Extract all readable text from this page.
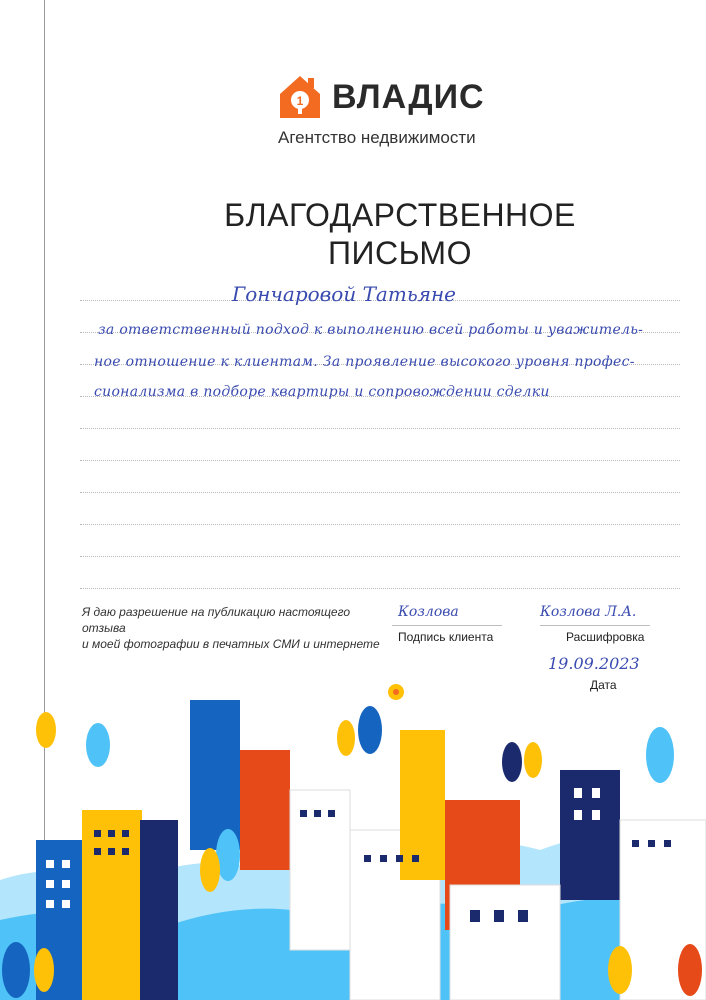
1 ВЛАДИС
Агентство недвижимости
БЛАГОДАРСТВЕННОЕ
ПИСЬМО
Гончаровой Татьяне
за ответственный подход к выполнению всей работы и уважитель-
ное отношение к клиентам. За проявление высокого уровня профес-
сионализма в подборе квартиры и сопровождении сделки
Я даю разрешение на публикацию настоящего отзыва
и моей фотографии в печатных СМИ и интернете
Козлова	Козлова Л.А.
Подпись клиента	Расшифровка
19.09.2023
Дата
